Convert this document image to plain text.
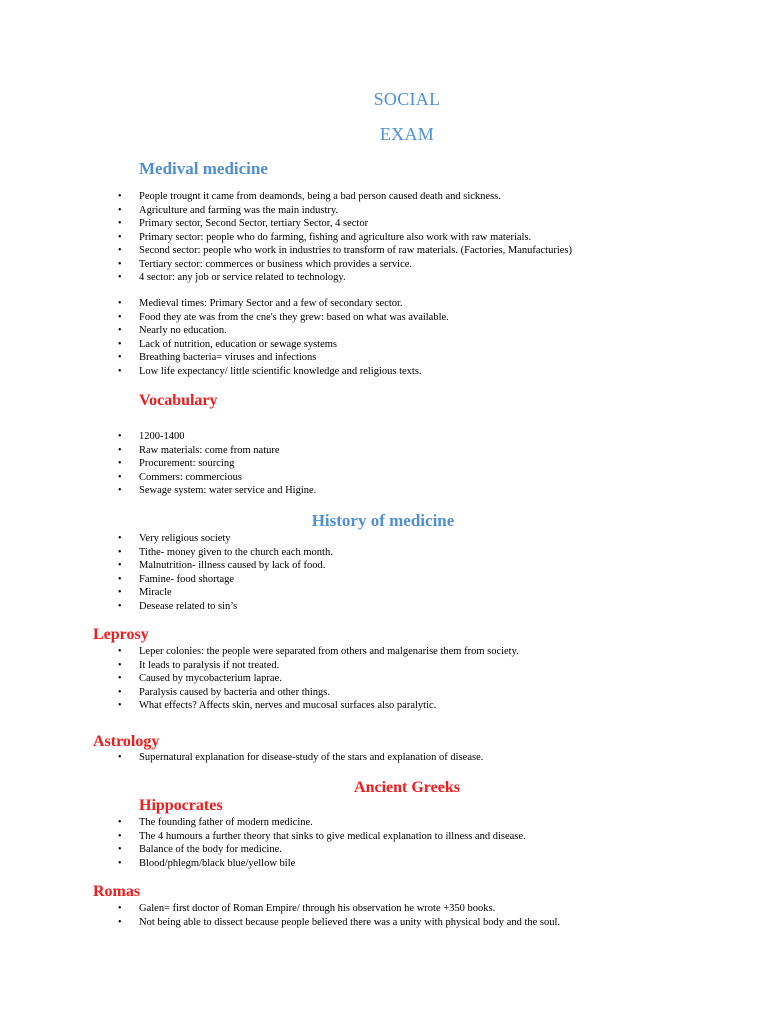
SOCIAL
EXAM
Medival medicine
• People trougnt it came from deamonds, being a bad person caused death and sickness.
• Agriculture and farming was the main industry.
• Primary sector, Second Sector, tertiary Sector, 4 sector
• Primary sector: people who do farming, fishing and agriculture also work with raw materials.
• Second sector: people who work in industries to transform of raw materials. (Factories, Manufacturies)
• Tertiary sector: commerces or business which provides a service.
• 4 sector: any job or service related to technology.
• Medieval times: Primary Sector and a few of secondary sector.
• Food they ate was from the cne's they grew: based on what was available.
• Nearly no education.
• Lack of nutrition, education or sewage systems
• Breathing bacteria= viruses and infections
• Low life expectancy/ little scientific knowledge and religious texts.
Vocabulary
• 1200-1400
• Raw materials: come from nature
• Procurement: sourcing
• Commers: commercious
• Sewage system: water service and Higine.
History of medicine
• Very religious society
• Tithe- money given to the church each month.
• Malnutrition- illness caused by lack of food.
• Famine- food shortage
• Miracle
• Desease related to sin’s
Leprosy
• Leper colonies: the people were separated from others and malgenarise them from society.
• It leads to paralysis if not treated.
• Caused by mycobacterium laprae.
• Paralysis caused by bacteria and other things.
• What effects? Affects skin, nerves and mucosal surfaces also paralytic.
Astrology
• Supernatural explanation for disease-study of the stars and explanation of disease.
Ancient Greeks
Hippocrates
• The founding father of modern medicine.
• The 4 humours a further theory that sinks to give medical explanation to illness and disease.
• Balance of the body for medicine.
• Blood/phlegm/black blue/yellow bile
Romas
• Galen= first doctor of Roman Empire/ through his observation he wrote +350 books.
• Not being able to dissect because people believed there was a unity with physical body and the soul.
